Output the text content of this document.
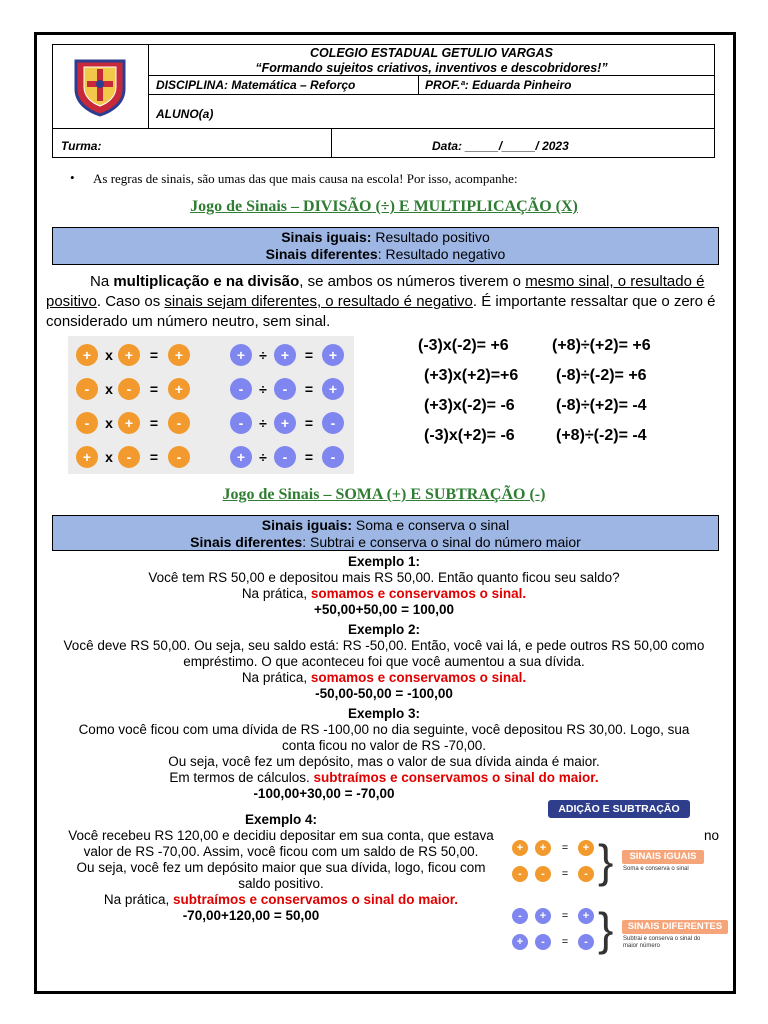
COLEGIO ESTADUAL GETULIO VARGAS
“Formando sujeitos criativos, inventivos e descobridores!”
DISCIPLINA: Matemática – Reforço	PROF.ª: Eduarda Pinheiro
ALUNO(a)
Turma:	Data: _____/_____/ 2023
• As regras de sinais, são umas das que mais causa na escola! Por isso, acompanhe:
Jogo de Sinais – DIVISÃO (÷) E MULTIPLICAÇÃO (X)
Sinais iguais: Resultado positivo
Sinais diferentes: Resultado negativo
Na multiplicação e na divisão, se ambos os números tiverem o mesmo sinal, o resultado é positivo. Caso os sinais sejam diferentes, o resultado é negativo. É importante ressaltar que o zero é considerado um número neutro, sem sinal.
+	x +	=	+	+	÷	+	=	+
-	x -	=	+	-	÷	-	=	+
-	x +	=	-	-	÷	+	=	-
+	x -	=	-	+	÷	-	=	-
(-3)x(-2)= +6	(+8)÷(+2)= +6
(+3)x(+2)=+6 (-8)÷(-2)= +6
(+3)x(-2)= -6	(-8)÷(+2)= -4
(-3)x(+2)= -6	(+8)÷(-2)= -4
Jogo de Sinais – SOMA (+) E SUBTRAÇÃO (-)
Sinais iguais: Soma e conserva o sinal
Sinais diferentes: Subtrai e conserva o sinal do número maior
Exemplo 1:
Você tem RS 50,00 e depositou mais RS 50,00. Então quanto ficou seu saldo?
Na prática, somamos e conservamos o sinal.
+50,00+50,00 = 100,00
Exemplo 2:
Você deve RS 50,00. Ou seja, seu saldo está: RS -50,00. Então, você vai lá, e pede outros RS 50,00 como
empréstimo. O que aconteceu foi que você aumentou a sua dívida.
Na prática, somamos e conservamos o sinal.
-50,00-50,00 = -100,00
Exemplo 3:
Como você ficou com uma dívida de RS -100,00 no dia seguinte, você depositou RS 30,00. Logo, sua
conta ficou no valor de RS -70,00.
Ou seja, você fez um depósito, mas o valor de sua dívida ainda é maior.
Em termos de cálculos. subtraímos e conservamos o sinal do maior.
-100,00+30,00 = -70,00
Exemplo 4:
Você recebeu RS 120,00 e decidiu depositar em sua conta, que estava
valor de RS -70,00. Assim, você ficou com um saldo de RS 50,00.
Ou seja, você fez um depósito maior que sua dívida, logo, ficou com
saldo positivo.
Na prática, subtraímos e conservamos o sinal do maior.
-70,00+120,00 = 50,00
no
ADIÇÃO E SUBTRAÇÃO
+	+	=	+
-	-	=	-
-	+	=	+
+	-	=	-
}
}
SINAIS IGUAIS
Soma e conserva o sinal
SINAIS DIFERENTES
Subtrai e conserva o sinal do maior número
